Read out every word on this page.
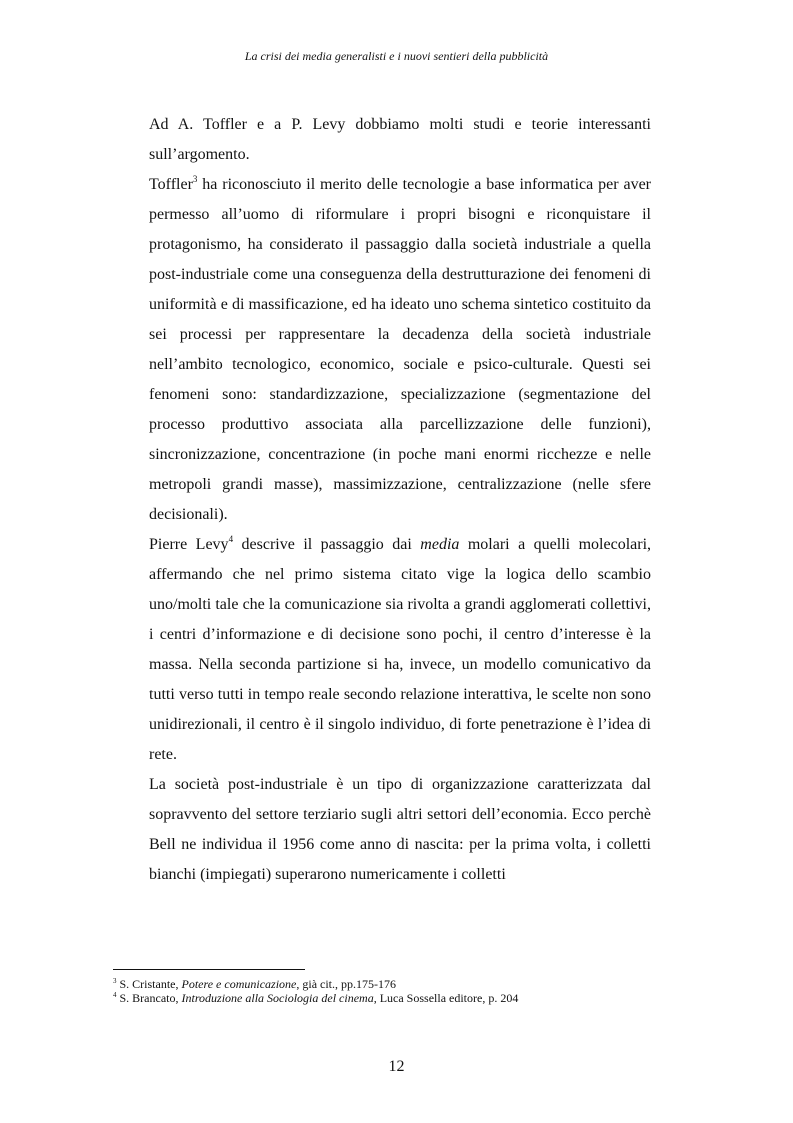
La crisi dei media generalisti e i nuovi sentieri della pubblicità

Ad A. Toffler e a P. Levy dobbiamo molti studi e teorie interessanti sull’argomento.

Toffler$^3$ ha riconosciuto il merito delle tecnologie a base informatica per aver permesso all’uomo di riformulare i propri bisogni e riconquistare il protagonismo, ha considerato il passaggio dalla società industriale a quella post-industriale come una conseguenza della destrutturazione dei fenomeni di uniformità e di massificazione, ed ha ideato uno schema sintetico costituito da sei processi per rappresentare la decadenza della società industriale nell’ambito tecnologico, economico, sociale e psico-culturale. Questi sei fenomeni sono: standardizzazione, specializzazione (segmentazione del processo produttivo associata alla parcellizzazione delle funzioni), sincronizzazione, concentrazione (in poche mani enormi ricchezze e nelle metropoli grandi masse), massimizzazione, centralizzazione (nelle sfere decisionali).

Pierre Levy$^4$ descrive il passaggio dai media molari a quelli molecolari, affermando che nel primo sistema citato vige la logica dello scambio uno/molti tale che la comunicazione sia rivolta a grandi agglomerati collettivi, i centri d’informazione e di decisione sono pochi, il centro d’interesse è la massa. Nella seconda partizione si ha, invece, un modello comunicativo da tutti verso tutti in tempo reale secondo relazione interattiva, le scelte non sono unidirezionali, il centro è il singolo individuo, di forte penetrazione è l’idea di rete.

La società post-industriale è un tipo di organizzazione caratterizzata dal sopravvento del settore terziario sugli altri settori dell’economia. Ecco perchè Bell ne individua il 1956 come anno di nascita: per la prima volta, i colletti bianchi (impiegati) superarono numericamente i colletti

$^3$ S. Cristante, Potere e comunicazione, già cit., pp.175-176

$^4$ S. Brancato, Introduzione alla Sociologia del cinema, Luca Sossella editore, p. 204

12
